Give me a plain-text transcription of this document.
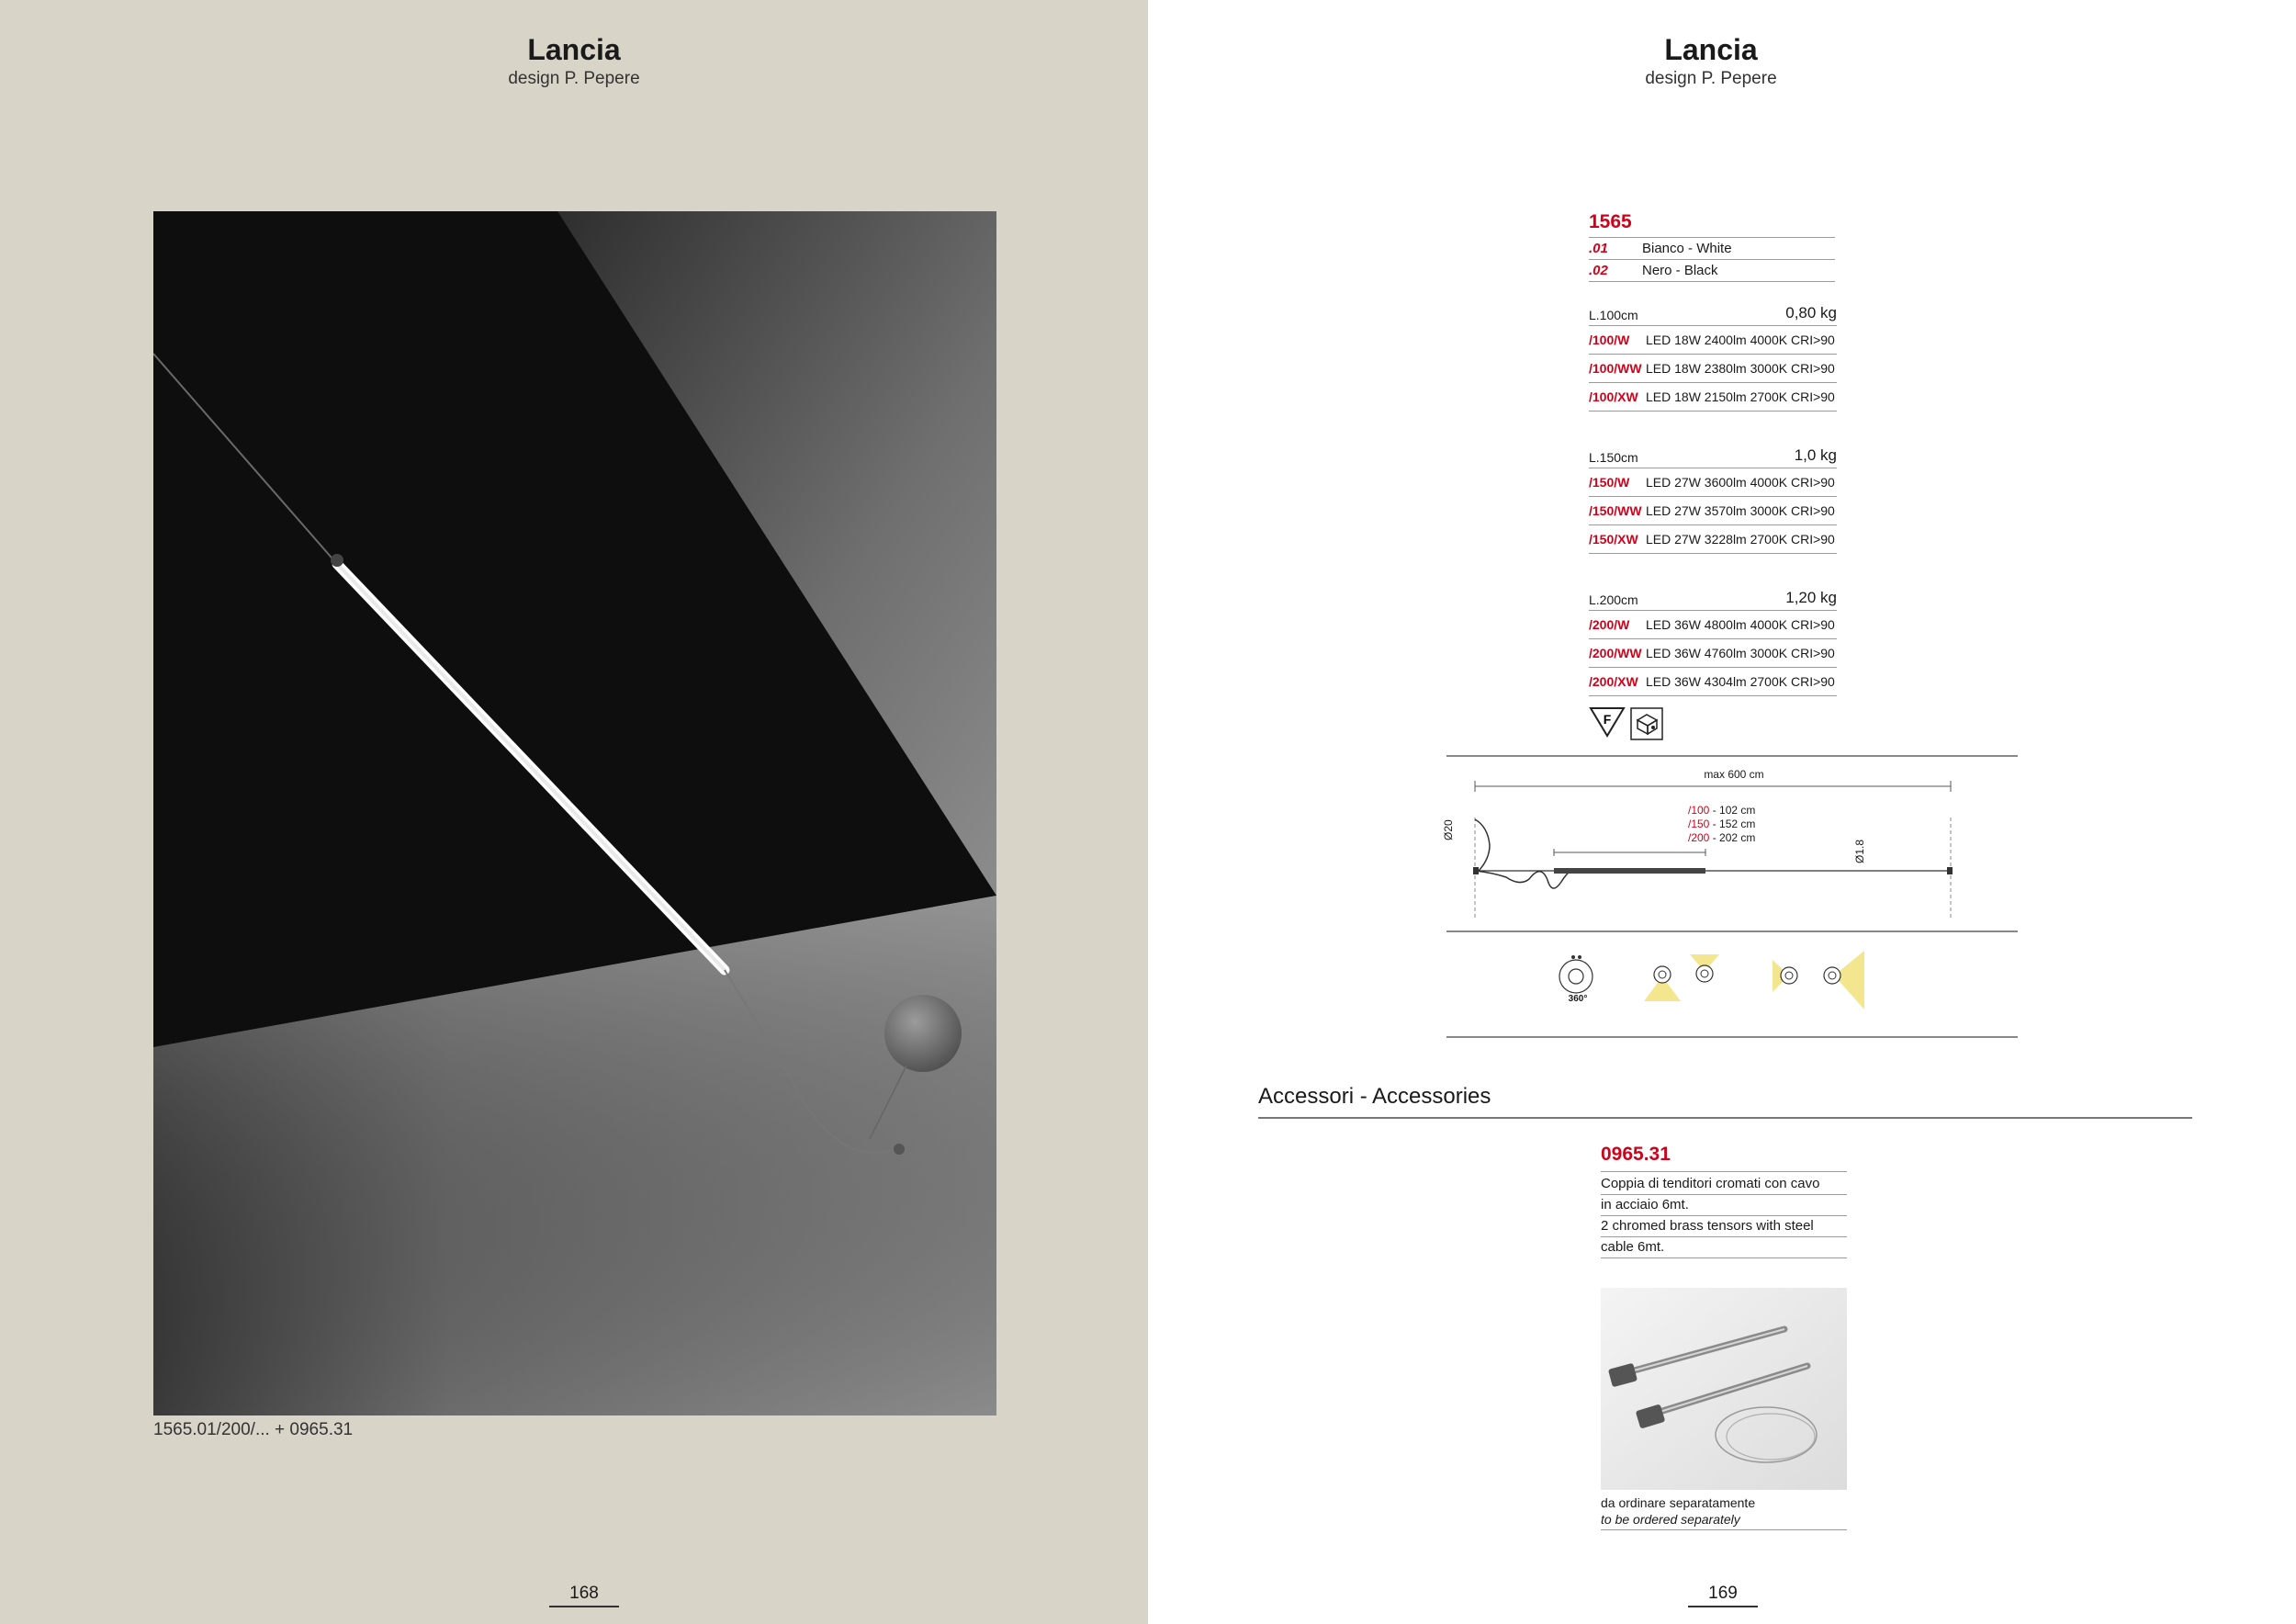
Lancia
design P. Pepere
1565.01/200/... + 0965.31
168
Lancia
design P. Pepere
1565
.01	Bianco - White
.02	Nero - Black
L.100cm	0,80 kg
/100/W	LED 18W 2400lm 4000K CRI>90
/100/WW LED 18W 2380lm 3000K CRI>90
/100/XW LED 18W 2150lm 2700K CRI>90
L.150cm	1,0 kg
/150/W	LED 27W 3600lm 4000K CRI>90
/150/WW LED 27W 3570lm 3000K CRI>90
/150/XW LED 27W 3228lm 2700K CRI>90
L.200cm	1,20 kg
/200/W	LED 36W 4800lm 4000K CRI>90
/200/WW LED 36W 4760lm 3000K CRI>90
/200/XW LED 36W 4304lm 2700K CRI>90
F
max 600 cm
Ø20
Ø1.8
/100 - 102 cm
/150 - 152 cm
/200 - 202 cm
360°
Accessori - Accessories
0965.31
Coppia di tenditori cromati con cavo
in acciaio 6mt.
2 chromed brass tensors with steel
cable 6mt.
da ordinare separatamente
to be ordered separately
169
